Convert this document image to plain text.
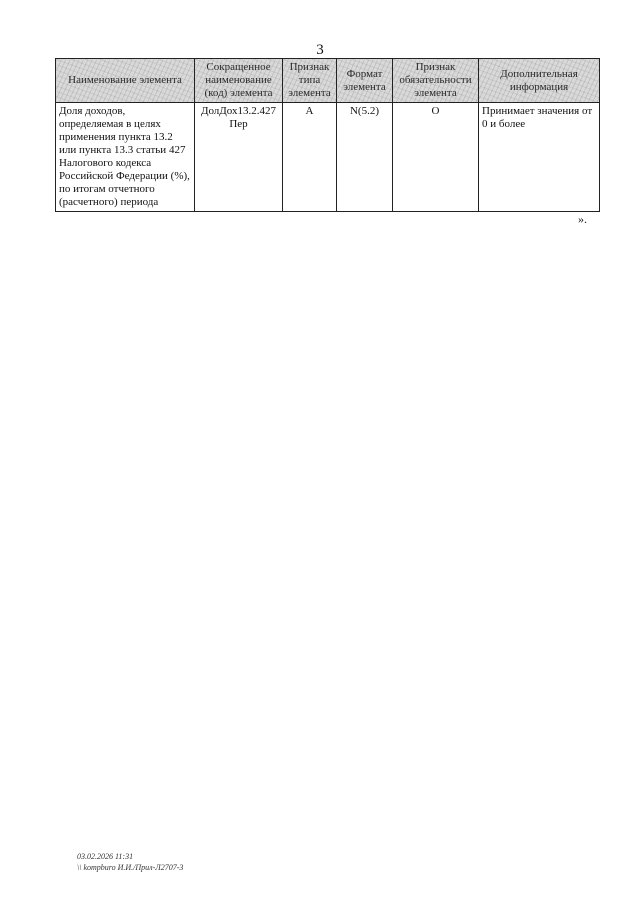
3
Наименование элемента	Сокращенное наименование (код) элемента	Признак типа элемента	Формат элемента	Признак обязательности элемента	Дополнительная информация
Доля доходов, определяемая в целях применения пункта 13.2 или пункта 13.3 статьи 427 Налогового кодекса Российской Федерации (%), по итогам отчетного (расчетного) периода	ДолДох13.2.427 Пер	А	N(5.2)	О	Принимает значения от 0 и более
».
03.02.2026 11:31
\\ kompburo И.И./Прил-Л2707-3
